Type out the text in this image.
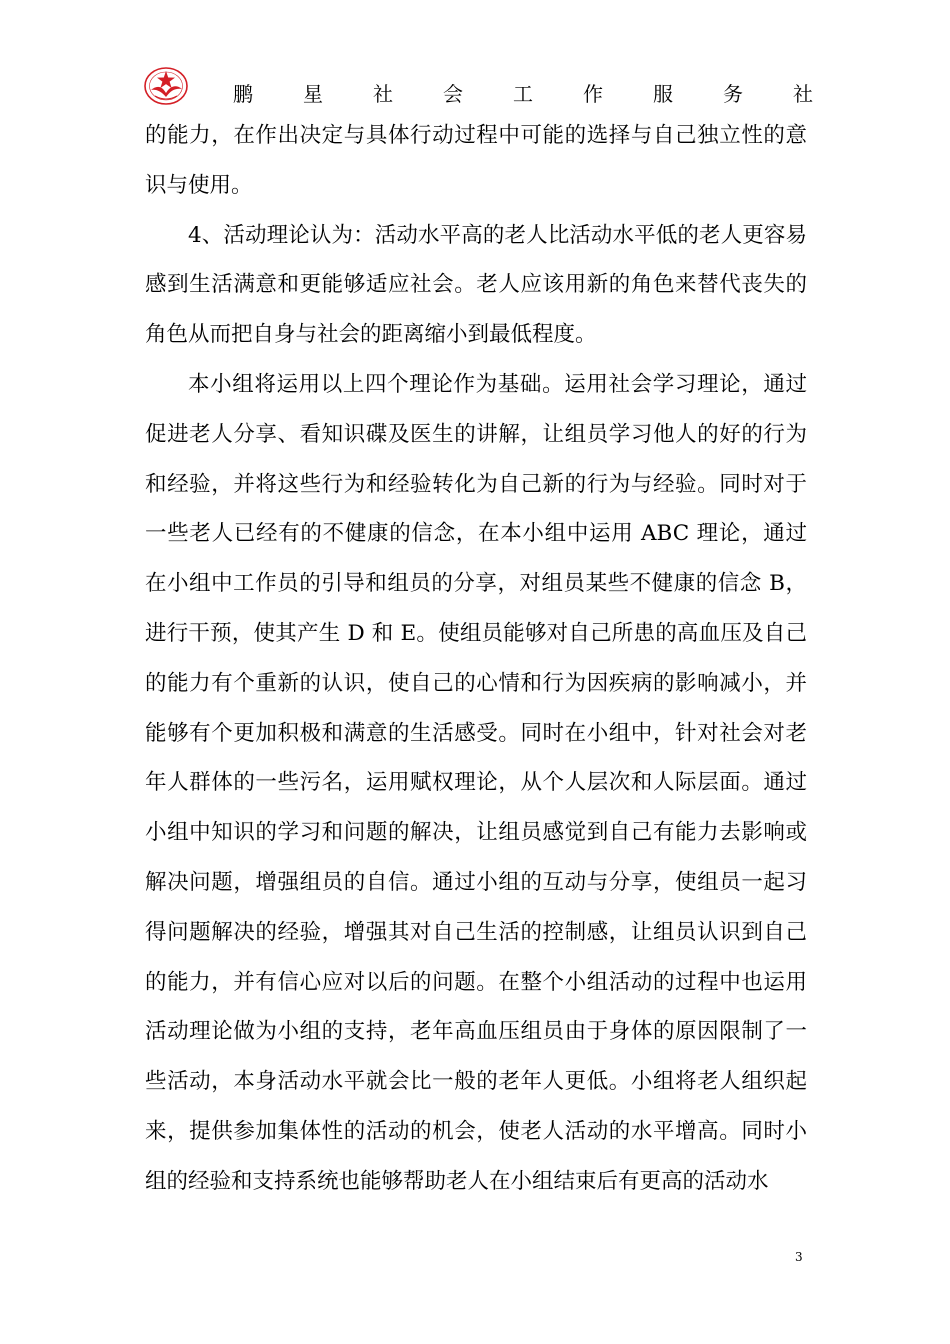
鹏	星	社	会	工	作	服	务	社

的能力，在作出决定与具体行动过程中可能的选择与自己独立性的意识与使用。

4、活动理论认为：活动水平高的老人比活动水平低的老人更容易感到生活满意和更能够适应社会。老人应该用新的角色来替代丧失的角色从而把自身与社会的距离缩小到最低程度。

本小组将运用以上四个理论作为基础。运用社会学习理论，通过促进老人分享、看知识碟及医生的讲解，让组员学习他人的好的行为和经验，并将这些行为和经验转化为自己新的行为与经验。同时对于一些老人已经有的不健康的信念，在本小组中运用 ABC 理论，通过在小组中工作员的引导和组员的分享，对组员某些不健康的信念 B，进行干预，使其产生 D 和 E。使组员能够对自己所患的高血压及自己的能力有个重新的认识，使自己的心情和行为因疾病的影响减小，并能够有个更加积极和满意的生活感受。同时在小组中，针对社会对老年人群体的一些污名，运用赋权理论，从个人层次和人际层面。通过小组中知识的学习和问题的解决，让组员感觉到自己有能力去影响或解决问题，增强组员的自信。通过小组的互动与分享，使组员一起习得问题解决的经验，增强其对自己生活的控制感，让组员认识到自己的能力，并有信心应对以后的问题。在整个小组活动的过程中也运用活动理论做为小组的支持，老年高血压组员由于身体的原因限制了一些活动，本身活动水平就会比一般的老年人更低。小组将老人组织起来，提供参加集体性的活动的机会，使老人活动的水平增高。同时小组的经验和支持系统也能够帮助老人在小组结束后有更高的活动水

3
